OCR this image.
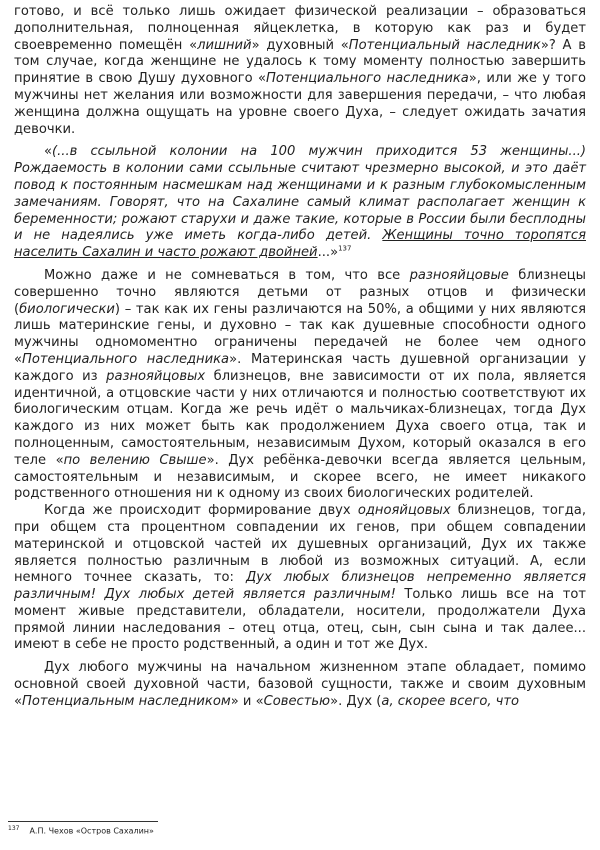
готово, и всё только лишь ожидает физической реализации – образоваться дополнительная, полноценная яйцеклетка, в которую как раз и будет своевременно помещён «лишний» духовный «Потенциальный наследник»? А в том случае, когда женщине не удалось к тому моменту полностью завершить принятие в свою Душу духовного «Потенциального наследника», или же у того мужчины нет желания или возможности для завершения передачи, – что любая женщина должна ощущать на уровне своего Духа, – следует ожидать зачатия девочки.

«(...в ссыльной колонии на 100 мужчин приходится 53 женщины...) Рождаемость в колонии сами ссыльные считают чрезмерно высокой, и это даёт повод к постоянным насмешкам над женщинами и к разным глубокомысленным замечаниям. Говорят, что на Сахалине самый климат располагает женщин к беременности; рожают старухи и даже такие, которые в России были бесплодны и не надеялись уже иметь когда-либо детей. Женщины точно торопятся населить Сахалин и часто рожают двойней...»$^{137}$

Можно даже и не сомневаться в том, что все разнояйцовые близнецы совершенно точно являются детьми от разных отцов и физически (биологически) – так как их гены различаются на 50%, а общими у них являются лишь материнские гены, и духовно – так как душевные способности одного мужчины одномоментно ограничены передачей не более чем одного «Потенциального наследника». Материнская часть душевной организации у каждого из разнояйцовых близнецов, вне зависимости от их пола, является идентичной, а отцовские части у них отличаются и полностью соответствуют их биологическим отцам. Когда же речь идёт о мальчиках-близнецах, тогда Дух каждого из них может быть как продолжением Духа своего отца, так и полноценным, самостоятельным, независимым Духом, который оказался в его теле «по велению Свыше». Дух ребёнка-девочки всегда является цельным, самостоятельным и независимым, и скорее всего, не имеет никакого родственного отношения ни к одному из своих биологических родителей.

Когда же происходит формирование двух однояйцовых близнецов, тогда, при общем ста процентном совпадении их генов, при общем совпадении материнской и отцовской частей их душевных организаций, Дух их также является полностью различным в любой из возможных ситуаций. А, если немного точнее сказать, то: Дух любых близнецов непременно является различным! Дух любых детей является различным! Только лишь все на тот момент живые представители, обладатели, носители, продолжатели Духа прямой линии наследования – отец отца, отец, сын, сын сына и так далее... имеют в себе не просто родственный, а один и тот же Дух.

Дух любого мужчины на начальном жизненном этапе обладает, помимо основной своей духовной части, базовой сущности, также и своим духовным «Потенциальным наследником» и «Совестью». Дух (а, скорее всего, что

$^{137}$ А.П. Чехов «Остров Сахалин»
